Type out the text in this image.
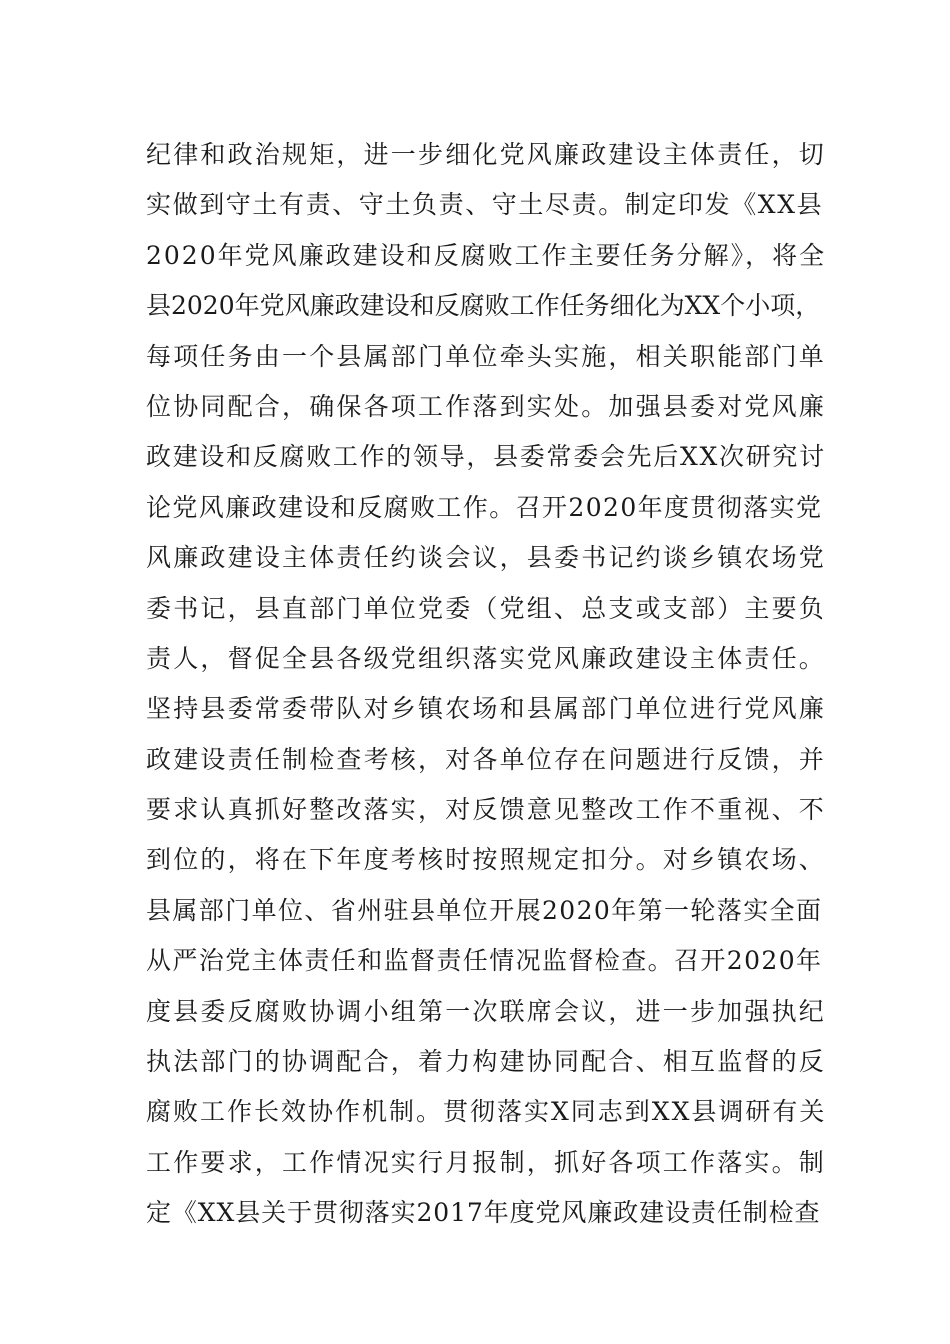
纪律和政治规矩，进一步细化党风廉政建设主体责任，切
实做到守土有责、守土负责、守土尽责。制定印发《XX县
2020年党风廉政建设和反腐败工作主要任务分解》，将全
县2020年党风廉政建设和反腐败工作任务细化为XX个小项，
每项任务由一个县属部门单位牵头实施，相关职能部门单
位协同配合，确保各项工作落到实处。加强县委对党风廉
政建设和反腐败工作的领导，县委常委会先后XX次研究讨
论党风廉政建设和反腐败工作。召开2020年度贯彻落实党
风廉政建设主体责任约谈会议，县委书记约谈乡镇农场党
委书记，县直部门单位党委（党组、总支或支部）主要负
责人，督促全县各级党组织落实党风廉政建设主体责任。
坚持县委常委带队对乡镇农场和县属部门单位进行党风廉
政建设责任制检查考核，对各单位存在问题进行反馈，并
要求认真抓好整改落实，对反馈意见整改工作不重视、不
到位的，将在下年度考核时按照规定扣分。对乡镇农场、
县属部门单位、省州驻县单位开展2020年第一轮落实全面
从严治党主体责任和监督责任情况监督检查。召开2020年
度县委反腐败协调小组第一次联席会议，进一步加强执纪
执法部门的协调配合，着力构建协同配合、相互监督的反
腐败工作长效协作机制。贯彻落实X同志到XX县调研有关
工作要求，工作情况实行月报制，抓好各项工作落实。制
定《XX县关于贯彻落实2017年度党风廉政建设责任制检查
